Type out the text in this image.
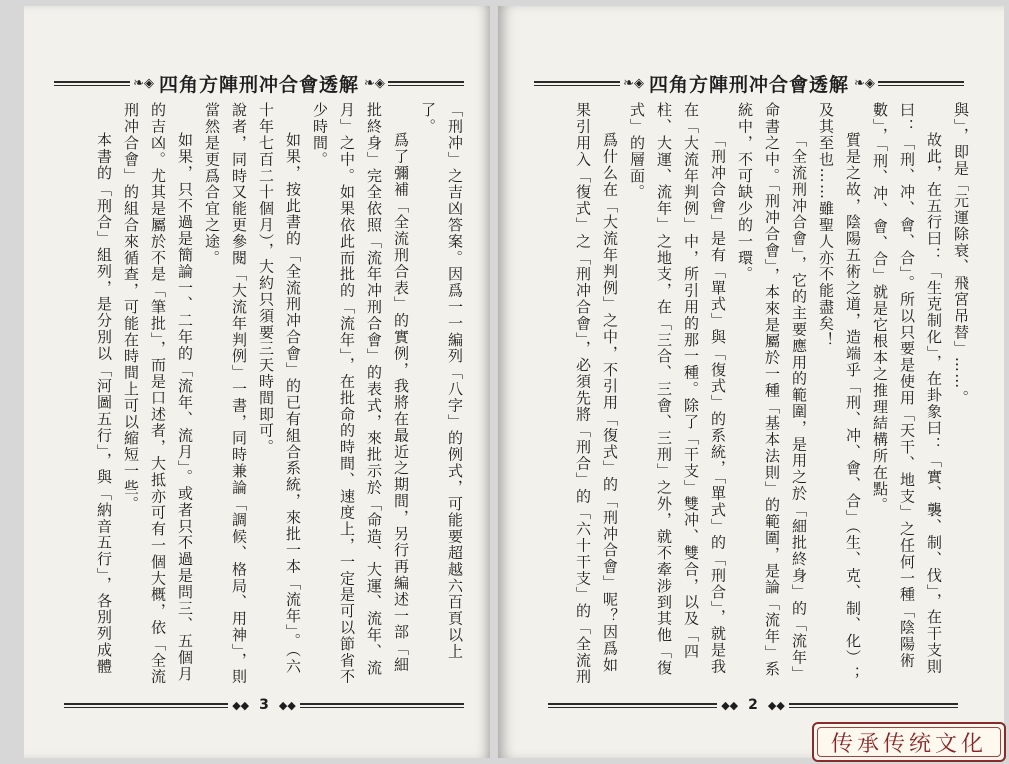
❧◈ 四角方陣刑冲合會透解 ❧◈

「刑冲」之吉凶答案。因爲一一編列「八字」的例式，可能要超越六百頁以上了。

爲了彌補「全流刑合表」的實例，我將在最近之期間，另行再編述一部「細批終身」完全依照「流年冲刑合會」的表式，來批示於「命造、大運、流年、流月」之中。如果依此而批的「流年」，在批命的時間、速度上，一定是可以節省不少時間。

如果，按此書的「全流刑冲合會」的已有組合系統，來批一本「流年」。（六十年七百二十個月），大約只須要三天時間即可。

說者，同時又能更參閱「大流年判例」一書，同時兼論「調候、格局、用神」，則當然是更爲合宜之途。

如果，只不過是簡論一、二年的「流年、流月」。或者只不過是問三、五個月的吉凶。尤其是屬於不是「筆批」，而是口述者，大抵亦可有一個大概，依「全流刑冲合會」的組合來循查，可能在時間上可以縮短一些。

本書的「刑合」組列，是分別以「河圖五行」，與「納音五行」，各別列成體

◆◆ 3 ◆◆
❧◈ 四角方陣刑冲合會透解 ❧◈

與」，即是「元運除衰、飛宮吊替」……。

故此，在五行曰：「生克制化」，在卦象曰：「實、襲、制、伐」，在干支則曰：「刑、冲、會、合」。所以只要是使用「天干、地支」之任何一種「陰陽術數」，「刑、冲、會、合」就是它根本之推理結構所在點。

質是之故，陰陽五術之道，造端乎「刑、冲、會、合」（生、克、制、化）；及其至也……雖聖人亦不能盡矣！

「全流刑冲合會」，它的主要應用的範圍，是用之於「細批終身」的「流年」命書之中。「刑冲合會」，本來是屬於一種「基本法則」的範圍，是論「流年」系統中，不可缺少的一環。

「刑冲合會」是有「單式」與「復式」的系統，「單式」的「刑合」，就是我在「大流年判例」中，所引用的那一種。除了「干支」雙冲、雙合，以及「四柱、大運、流年」之地支，在「三合、三會、三刑」之外，就不牽涉到其他「復式」的層面。

爲什么在「大流年判例」之中，不引用「復式」的「刑冲合會」呢？因爲如果引用入「復式」之「刑冲合會」，必須先將「刑合」的「六十干支」的「全流刑

◆◆ 2 ◆◆
传承传统文化
